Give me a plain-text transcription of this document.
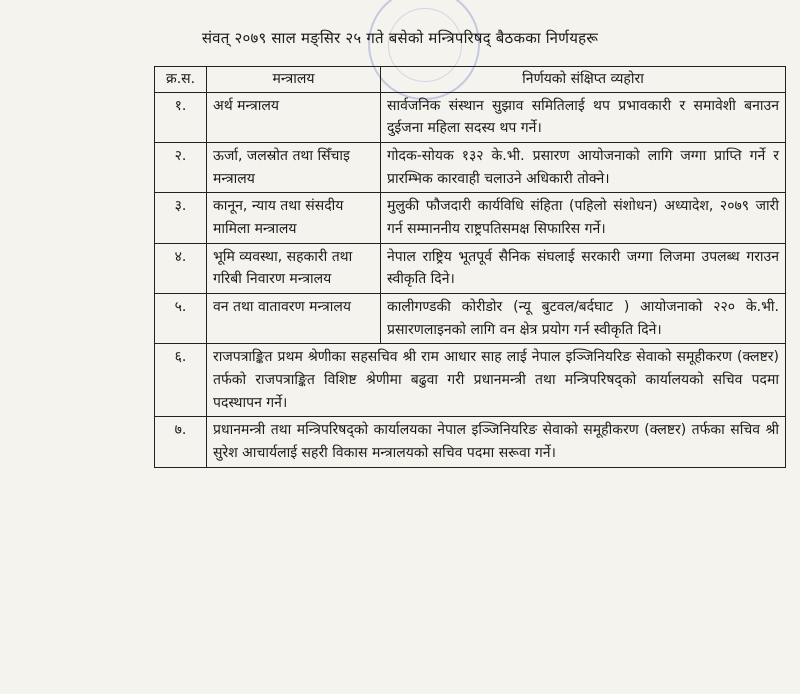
संवत् २०७९ साल मङ्सिर २५ गते बसेको मन्त्रिपरिषद् बैठकका निर्णयहरू
क्र.स.	मन्त्रालय	निर्णयको संक्षिप्त व्यहोरा
१.	अर्थ मन्त्रालय	सार्वजनिक संस्थान सुझाव समितिलाई थप प्रभावकारी र समावेशी बनाउन दुईजना महिला सदस्य थप गर्ने।
२.	ऊर्जा, जलस्रोत तथा सिँचाइ मन्त्रालय	गोदक-सोयक १३२ के.भी. प्रसारण आयोजनाको लागि जग्गा प्राप्ति गर्ने र प्रारम्भिक कारवाही चलाउने अधिकारी तोक्ने।
३.	कानून, न्याय तथा संसदीय मामिला मन्त्रालय	मुलुकी फौजदारी कार्यविधि संहिता (पहिलो संशोधन) अध्यादेश, २०७९ जारी गर्न सम्माननीय राष्ट्रपतिसमक्ष सिफारिस गर्ने।
४.	भूमि व्यवस्था, सहकारी तथा गरिबी निवारण मन्त्रालय	नेपाल राष्ट्रिय भूतपूर्व सैनिक संघलाई सरकारी जग्गा लिजमा उपलब्ध गराउन स्वीकृति दिने।
५.	वन तथा वातावरण मन्त्रालय	कालीगण्डकी कोरीडोर (न्यू बुटवल/बर्दघाट ) आयोजनाको २२० के.भी. प्रसारणलाइनको लागि वन क्षेत्र प्रयोग गर्न स्वीकृति दिने।
६.	राजपत्राङ्कित प्रथम श्रेणीका सहसचिव श्री राम आधार साह लाई नेपाल इञ्जिनियरिङ सेवाको समूहीकरण (क्लष्टर) तर्फको राजपत्राङ्कित विशिष्ट श्रेणीमा बढुवा गरी प्रधानमन्त्री तथा मन्त्रिपरिषद्‌को कार्यालयको सचिव पदमा पदस्थापन गर्ने।	
७.	प्रधानमन्त्री तथा मन्त्रिपरिषद्‌को कार्यालयका नेपाल इञ्जिनियरिङ सेवाको समूहीकरण (क्लष्टर) तर्फका सचिव श्री सुरेश आचार्यलाई सहरी विकास मन्त्रालयको सचिव पदमा सरूवा गर्ने।	
